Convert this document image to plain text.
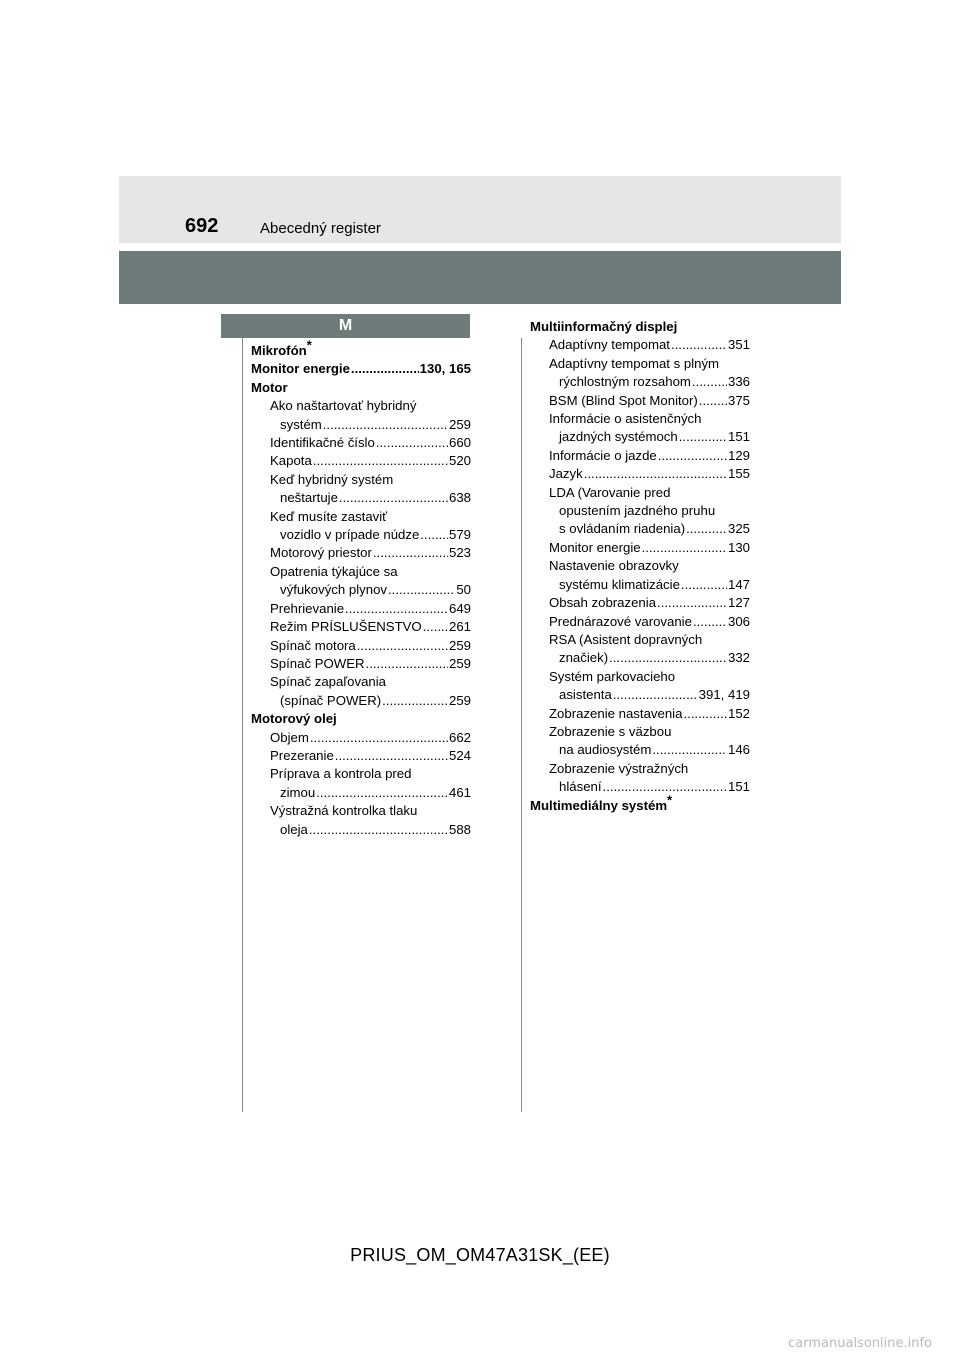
692	Abecedný register
M
Mikrofón*
Monitor energie .....	130, 165
Motor
Ako naštartovať hybridný
systém .....	259
Identifikačné číslo .....	660
Kapota .....	520
Keď hybridný systém
neštartuje .....	638
Keď musíte zastaviť
vozidlo v prípade núdze ..... 579
Motorový priestor .....	523
Opatrenia týkajúce sa
výfukových plynov .....	50
Prehrievanie .....	649
Režim PRÍSLUŠENSTVO ..... 261
Spínač motora .....	259
Spínač POWER .....	259
Spínač zapaľovania
(spínač POWER) .....	259
Motorový olej
Objem .....	662
Prezeranie .....	524
Príprava a kontrola pred
zimou .....	461
Výstražná kontrolka tlaku
oleja .....	588
Multiinformačný displej
Adaptívny tempomat .....	351
Adaptívny tempomat s plným
rýchlostným rozsahom .....	336
BSM (Blind Spot Monitor) ..... 375
Informácie o asistenčných
jazdných systémoch .....	151
Informácie o jazde .....	129
Jazyk .....	155
LDA (Varovanie pred
opustením jazdného pruhu
s ovládaním riadenia) .....	325
Monitor energie .....	130
Nastavenie obrazovky
systému klimatizácie .....	147
Obsah zobrazenia .....	127
Prednárazové varovanie .....	306
RSA (Asistent dopravných
značiek) .....	332
Systém parkovacieho
asistenta .....	391, 419
Zobrazenie nastavenia .....	152
Zobrazenie s väzbou
na audiosystém .....	146
Zobrazenie výstražných
hlásení .....	151
Multimediálny systém*
PRIUS_OM_OM47A31SK_(EE)
carmanualsonline.info
